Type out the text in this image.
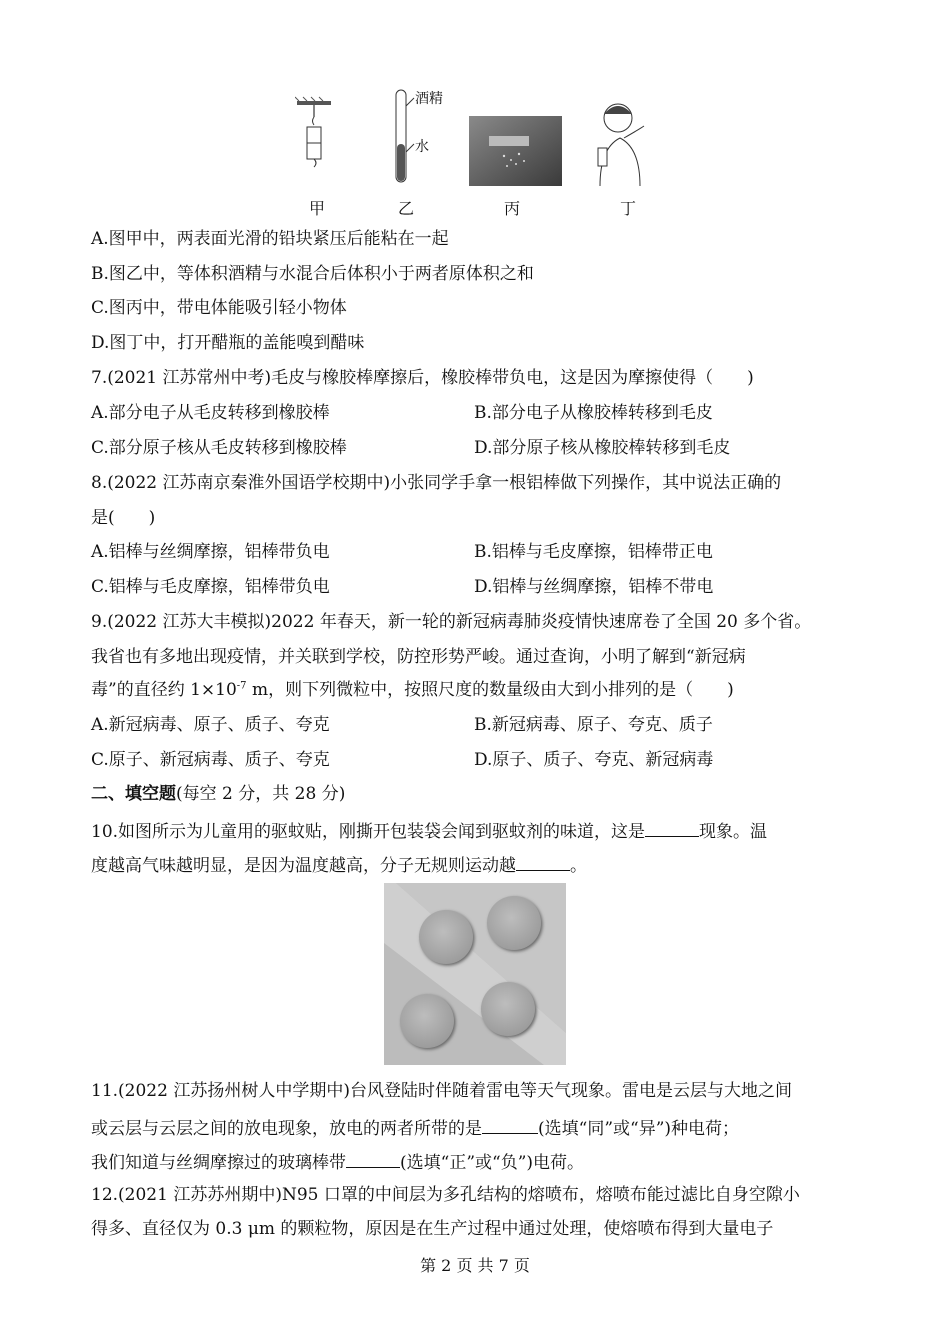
酒精
水
甲	乙	丙	丁
A.图甲中，两表面光滑的铅块紧压后能粘在一起
B.图乙中，等体积酒精与水混合后体积小于两者原体积之和
C.图丙中，带电体能吸引轻小物体
D.图丁中，打开醋瓶的盖能嗅到醋味
7.(2021 江苏常州中考)毛皮与橡胶棒摩擦后，橡胶棒带负电，这是因为摩擦使得（　　)
A.部分电子从毛皮转移到橡胶棒	B.部分电子从橡胶棒转移到毛皮
C.部分原子核从毛皮转移到橡胶棒	D.部分原子核从橡胶棒转移到毛皮
8.(2022 江苏南京秦淮外国语学校期中)小张同学手拿一根铝棒做下列操作，其中说法正确的
是(　　)
A.铝棒与丝绸摩擦，铝棒带负电	B.铝棒与毛皮摩擦，铝棒带正电
C.铝棒与毛皮摩擦，铝棒带负电	D.铝棒与丝绸摩擦，铝棒不带电
9.(2022 江苏大丰模拟)2022 年春天，新一轮的新冠病毒肺炎疫情快速席卷了全国 20 多个省。
我省也有多地出现疫情，并关联到学校，防控形势严峻。通过查询，小明了解到“新冠病
毒”的直径约 $1\times 10^{-7}$ m，则下列微粒中，按照尺度的数量级由大到小排列的是（　　)
A.新冠病毒、原子、质子、夸克	B.新冠病毒、原子、夸克、质子
C.原子、新冠病毒、质子、夸克	D.原子、质子、夸克、新冠病毒
二、填空题(每空 2 分，共 28 分)
10.如图所示为儿童用的驱蚊贴，刚撕开包装袋会闻到驱蚊剂的味道，这是	现象。温
度越高气味越明显，是因为温度越高，分子无规则运动越	。
11.(2022 江苏扬州树人中学期中)台风登陆时伴随着雷电等天气现象。雷电是云层与大地之间
或云层与云层之间的放电现象，放电的两者所带的是	(选填“同”或“异”)种电荷；
我们知道与丝绸摩擦过的玻璃棒带	(选填“正”或“负”)电荷。
12.(2021 江苏苏州期中)N95 口罩的中间层为多孔结构的熔喷布，熔喷布能过滤比自身空隙小
得多、直径仅为 0.3 μm 的颗粒物，原因是在生产过程中通过处理，使熔喷布得到大量电子
第 2 页 共 7 页
